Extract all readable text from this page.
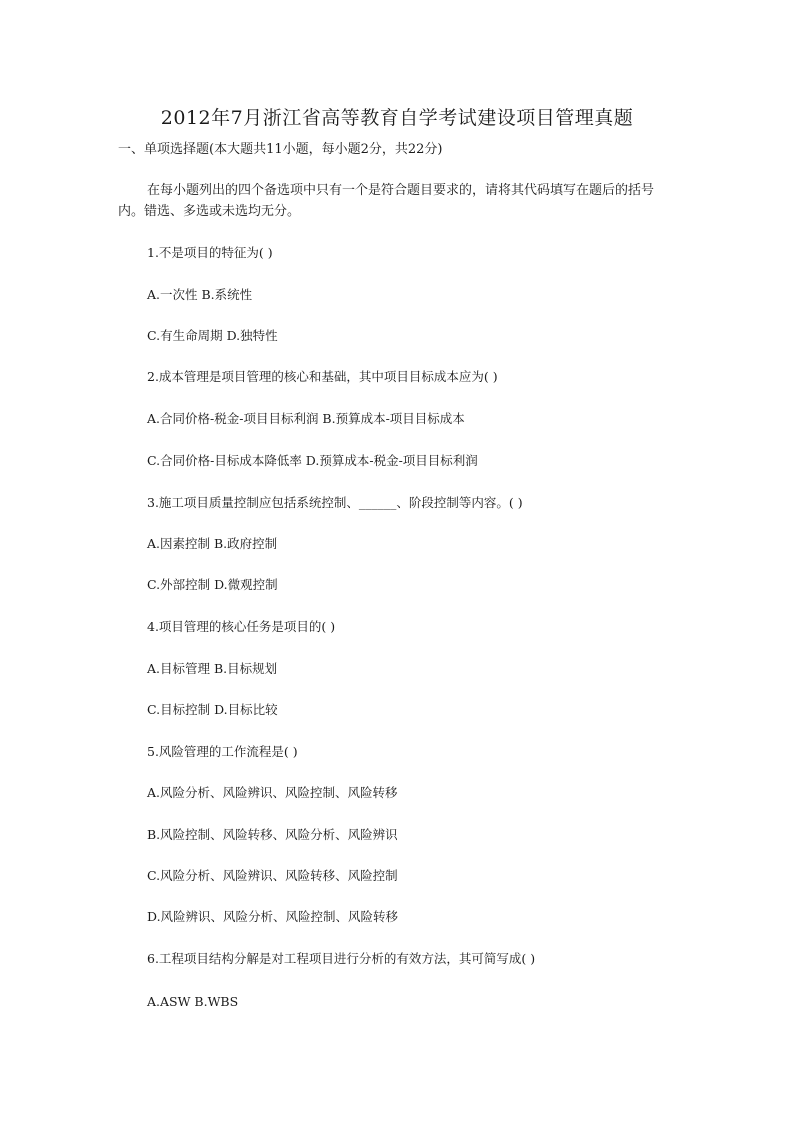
2012年7月浙江省高等教育自学考试建设项目管理真题
一、单项选择题(本大题共11小题，每小题2分，共22分)
在每小题列出的四个备选项中只有一个是符合题目要求的，请将其代码填写在题后的括号内。错选、多选或未选均无分。
1.不是项目的特征为( )
A.一次性 B.系统性
C.有生命周期 D.独特性
2.成本管理是项目管理的核心和基础，其中项目目标成本应为( )
A.合同价格-税金-项目目标利润 B.预算成本-项目目标成本
C.合同价格-目标成本降低率 D.预算成本-税金-项目目标利润
3.施工项目质量控制应包括系统控制、______、阶段控制等内容。( )
A.因素控制 B.政府控制
C.外部控制 D.微观控制
4.项目管理的核心任务是项目的( )
A.目标管理 B.目标规划
C.目标控制 D.目标比较
5.风险管理的工作流程是( )
A.风险分析、风险辨识、风险控制、风险转移
B.风险控制、风险转移、风险分析、风险辨识
C.风险分析、风险辨识、风险转移、风险控制
D.风险辨识、风险分析、风险控制、风险转移
6.工程项目结构分解是对工程项目进行分析的有效方法，其可简写成( )
A.ASW B.WBS
